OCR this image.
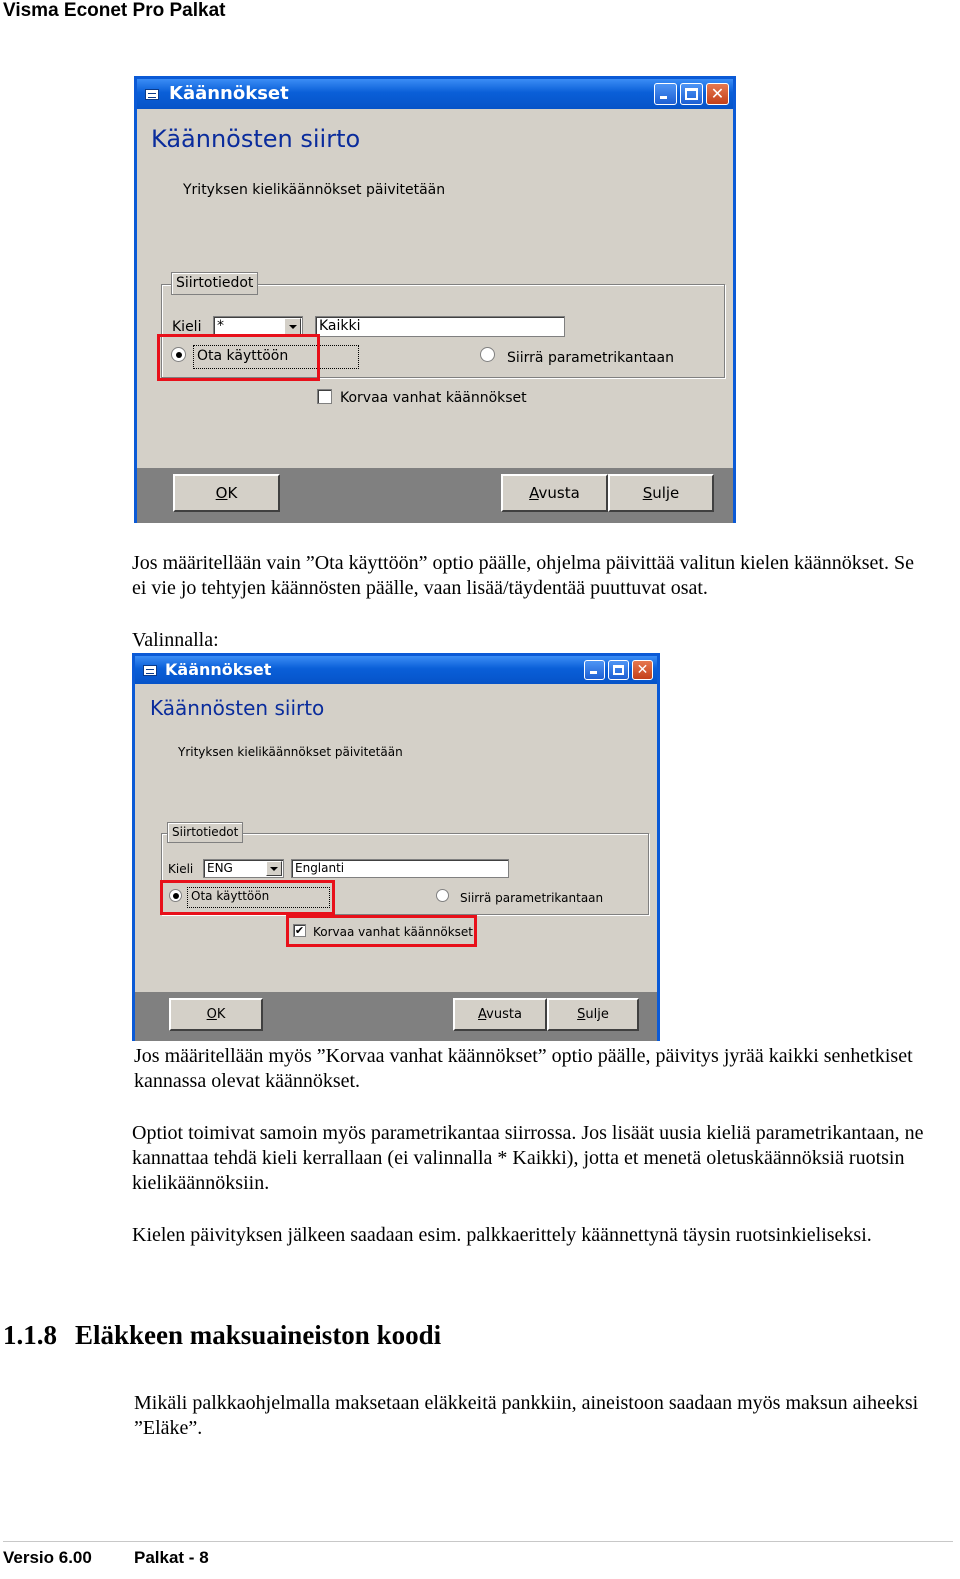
Visma Econet Pro Palkat
Käännökset	✕
Käännösten siirto
Yrityksen kielikäännökset päivitetään
Siirtotiedot
Kieli *	Kaikki
Ota käyttöön	Siirrä parametrikantaan
Korvaa vanhat käännökset
OK	Avusta	Sulje

Jos määritellään vain ”Ota käyttöön” optio päälle, ohjelma päivittää valitun kielen käännökset. Se ei vie jo tehtyjen käännösten päälle, vaan lisää/täydentää puuttuvat osat.

Valinnalla:

Käännökset	✕
Käännösten siirto
Yrityksen kielikäännökset päivitetään
Siirtotiedot
Kieli ENG	Englanti
Ota käyttöön	Siirrä parametrikantaan
✔ Korvaa vanhat käännökset
OK	Avusta	Sulje

Jos määritellään myös ”Korvaa vanhat käännökset” optio päälle, päivitys jyrää kaikki senhetkiset kannassa olevat käännökset.

Optiot toimivat samoin myös parametrikantaa siirrossa. Jos lisäät uusia kieliä parametrikantaan, ne kannattaa tehdä kieli kerrallaan (ei valinnalla * Kaikki), jotta et menetä oletuskäännöksiä ruotsin kielikäännöksiin.

Kielen päivityksen jälkeen saadaan esim. palkkaerittely käännettynä täysin ruotsinkieliseksi.

1.1.8 Eläkkeen maksuaineiston koodi

Mikäli palkkaohjelmalla maksetaan eläkkeitä pankkiin, aineistoon saadaan myös maksun aiheeksi ”Eläke”.

Versio 6.00 Palkat - 8
